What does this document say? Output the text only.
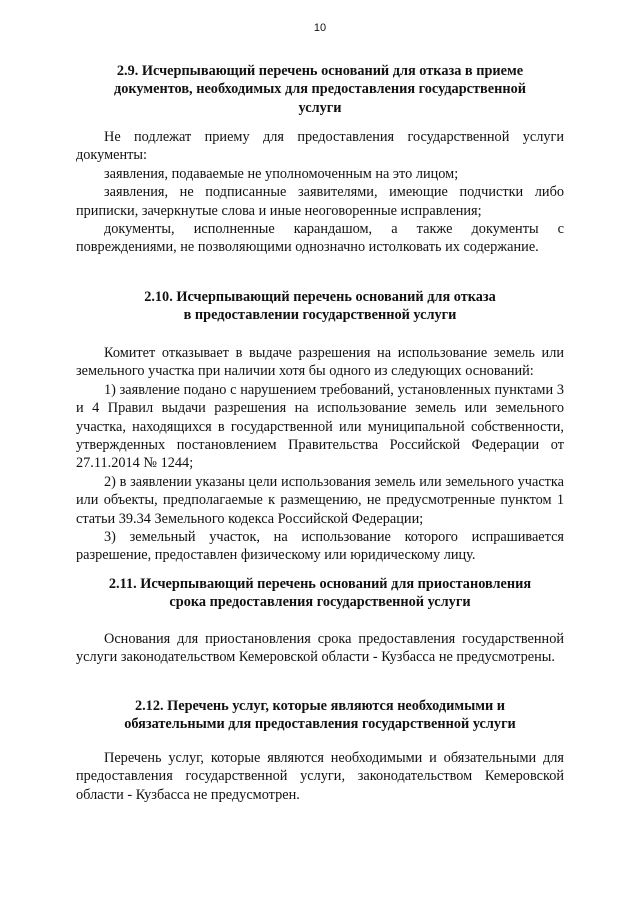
10
2.9. Исчерпывающий перечень оснований для отказа в приеме
документов, необходимых для предоставления государственной
услуги

Не подлежат приему для предоставления государственной услуги документы:

заявления, подаваемые не уполномоченным на это лицом;

заявления, не подписанные заявителями, имеющие подчистки либо приписки, зачеркнутые слова и иные неоговоренные исправления;

документы, исполненные карандашом, а также документы с повреждениями, не позволяющими однозначно истолковать их содержание.

2.10. Исчерпывающий перечень оснований для отказа
в предоставлении государственной услуги

Комитет отказывает в выдаче разрешения на использование земель или земельного участка при наличии хотя бы одного из следующих оснований:

1) заявление подано с нарушением требований, установленных пунктами 3 и 4 Правил выдачи разрешения на использование земель или земельного участка, находящихся в государственной или муниципальной собственности, утвержденных постановлением Правительства Российской Федерации от 27.11.2014 № 1244;

2) в заявлении указаны цели использования земель или земельного участка или объекты, предполагаемые к размещению, не предусмотренные пунктом 1 статьи 39.34 Земельного кодекса Российской Федерации;

3) земельный участок, на использование которого испрашивается разрешение, предоставлен физическому или юридическому лицу.

2.11. Исчерпывающий перечень оснований для приостановления
срока предоставления государственной услуги

Основания для приостановления срока предоставления государственной услуги законодательством Кемеровской области - Кузбасса не предусмотрены.

2.12. Перечень услуг, которые являются необходимыми и
обязательными для предоставления государственной услуги

Перечень услуг, которые являются необходимыми и обязательными для предоставления государственной услуги, законодательством Кемеровской области - Кузбасса не предусмотрен.
